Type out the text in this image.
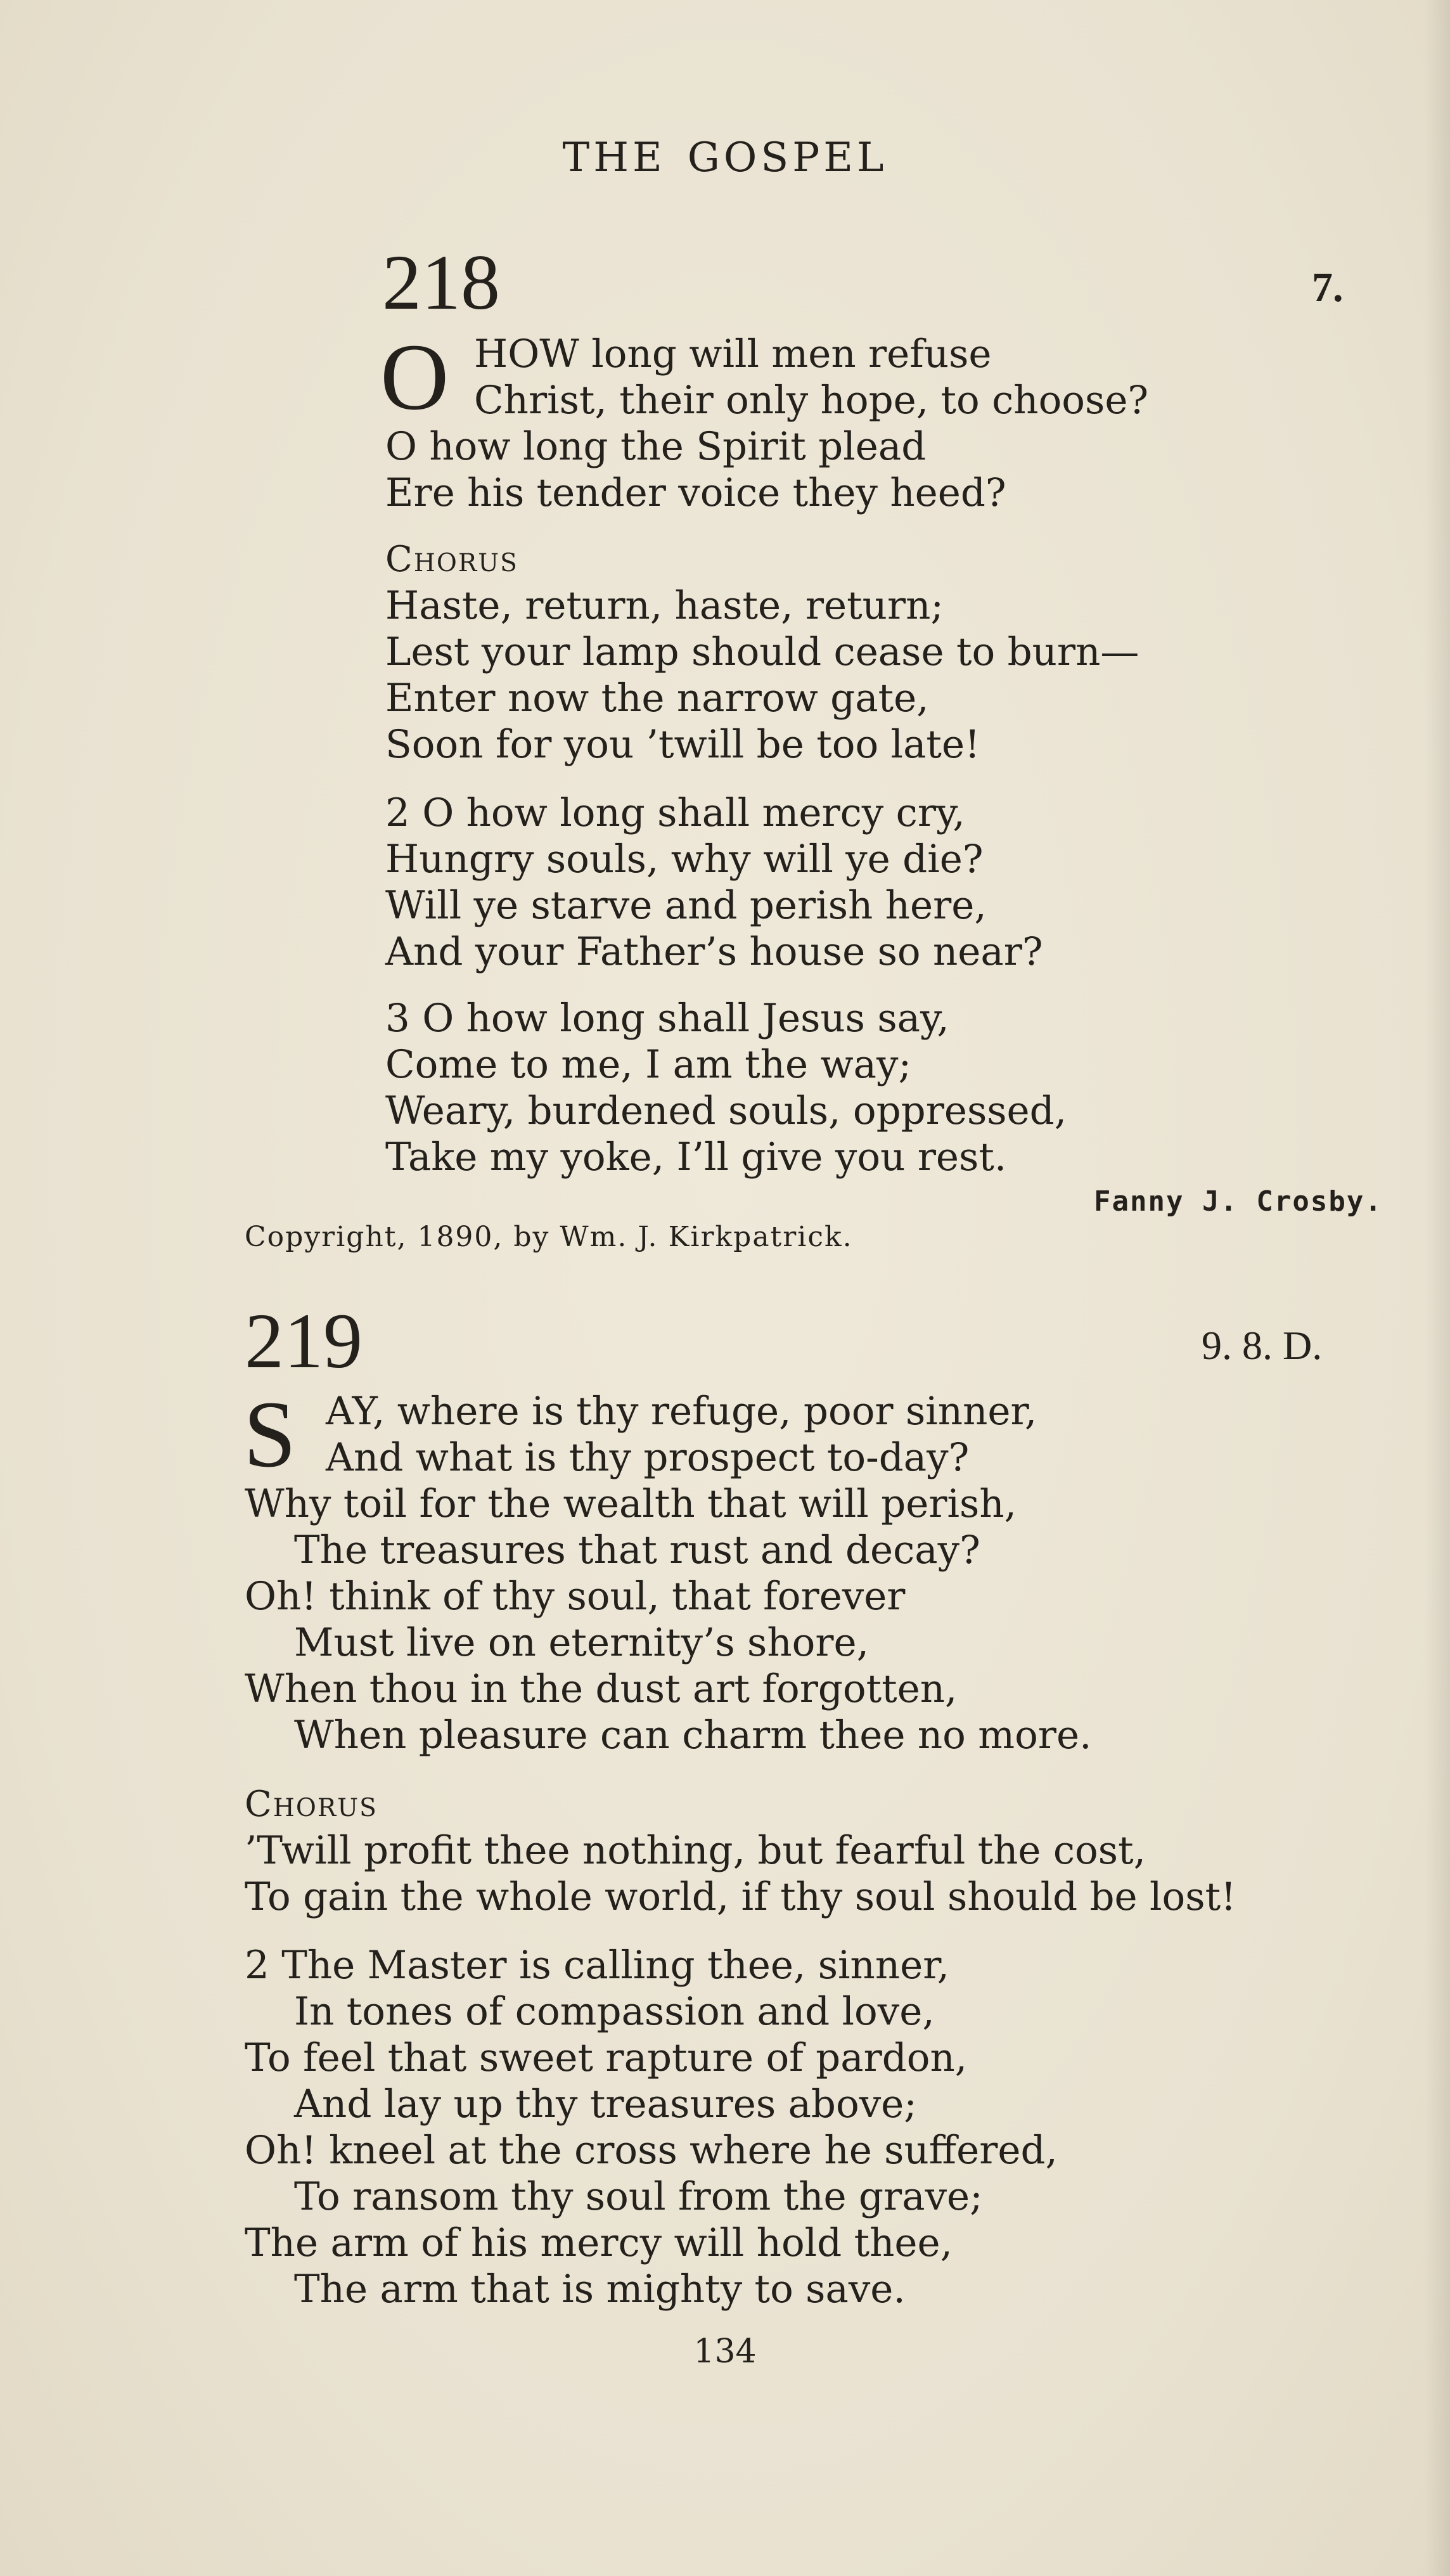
THE GOSPEL
218	7.
O HOW long will men refuse
Christ, their only hope, to choose?
O how long the Spirit plead
Ere his tender voice they heed?
Chorus
Haste, return, haste, return;
Lest your lamp should cease to burn—
Enter now the narrow gate,
Soon for you ’twill be too late!
2 O how long shall mercy cry,
Hungry souls, why will ye die?
Will ye starve and perish here,
And your Father’s house so near?
3 O how long shall Jesus say,
Come to me, I am the way;
Weary, burdened souls, oppressed,
Take my yoke, I’ll give you rest.
Fanny J. Crosby.
Copyright, 1890, by Wm. J. Kirkpatrick.
219	9. 8. D.
S AY, where is thy refuge, poor sinner,
And what is thy prospect to-day?
Why toil for the wealth that will perish,
The treasures that rust and decay?
Oh! think of thy soul, that forever
Must live on eternity’s shore,
When thou in the dust art forgotten,
When pleasure can charm thee no more.
Chorus
’Twill profit thee nothing, but fearful the cost,
To gain the whole world, if thy soul should be lost!
2 The Master is calling thee, sinner,
In tones of compassion and love,
To feel that sweet rapture of pardon,
And lay up thy treasures above;
Oh! kneel at the cross where he suffered,
To ransom thy soul from the grave;
The arm of his mercy will hold thee,
The arm that is mighty to save.
134
